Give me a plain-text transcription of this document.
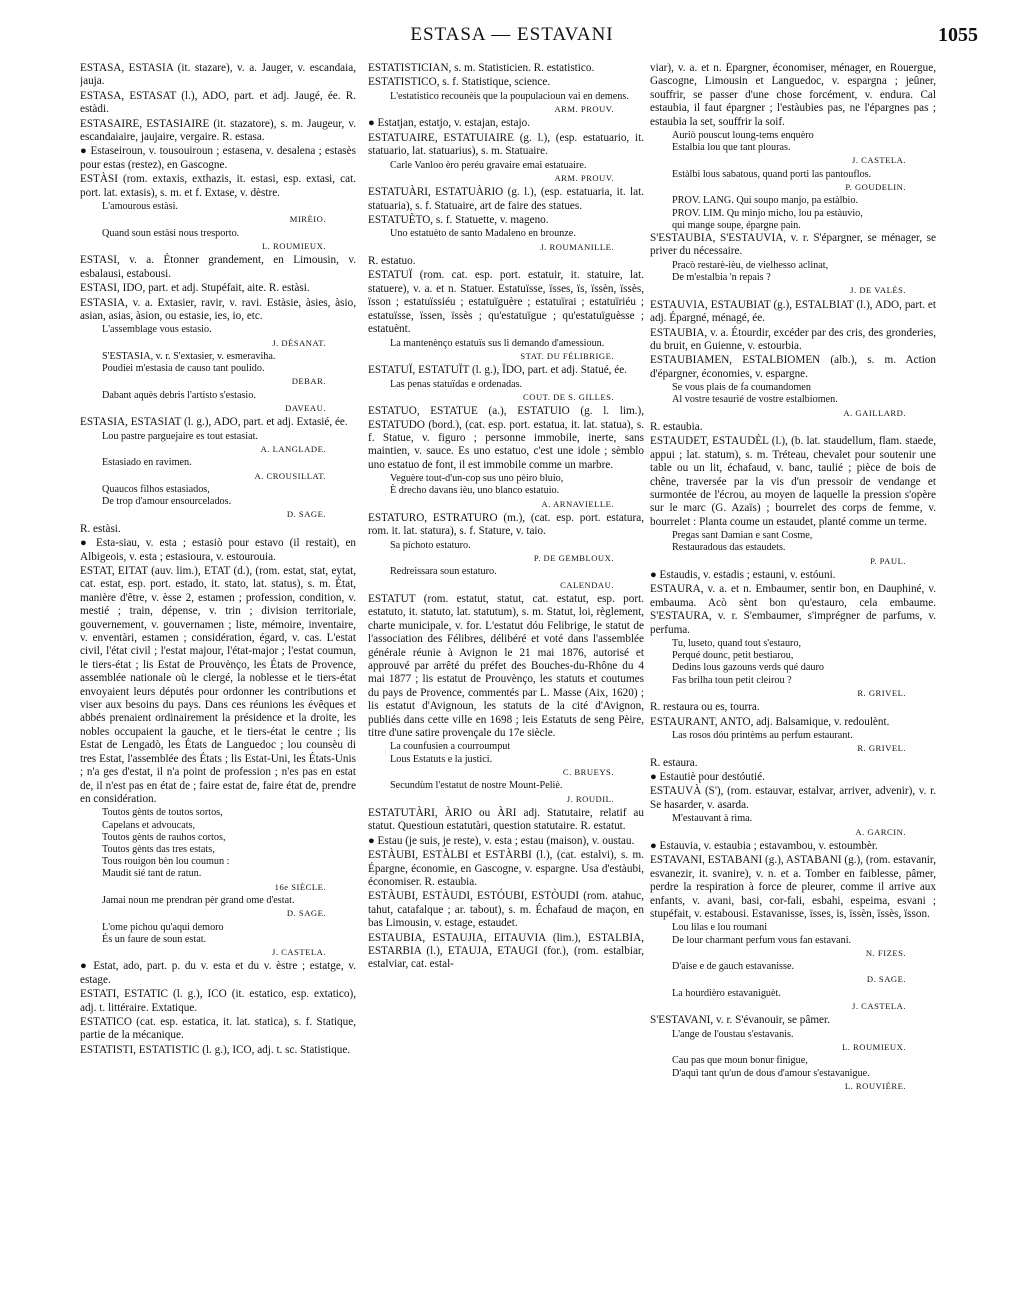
ESTASA — ESTAVANI	1055
ESTASA, ESTASIA (it. stazare), v. a. Jauger, v. escandaia, jauja.
ESTASA, ESTASAT (l.), ADO, part. et adj. Jaugé, ée. R. estàdi.
ESTASAIRE, ESTASIAIRE (it. stazatore), s. m. Jaugeur, v. escandaiaire, jaujaire, vergaire. R. estasa.
● Estaseiroun, v. tousouiroun ; estasena, v. desalena ; estasès pour estas (restez), en Gascogne.
ESTÀSI (rom. extaxis, exthazis, it. estasi, esp. extasi, cat. port. lat. extasis), s. m. et f. Extase, v. dèstre.
L'amourous estàsi.
MIRÈIO.
Quand soun estàsi nous tresporto.
L. ROUMIEUX.
ESTASI, v. a. Étonner grandement, en Limousin, v. esbalausi, estabousi.
ESTASI, IDO, part. et adj. Stupéfait, aite. R. estàsi.
ESTASIA, v. a. Extasier, ravir, v. ravi. Estàsie, àsies, àsio, asian, asias, àsion, ou estasie, ies, io, etc.
L'assemblage vous estasio.
J. DÉSANAT.
S'ESTASIA, v. r. S'extasier, v. esmeraviha.
Poudiei m'estasia de causo tant poulido.
DEBAR.
Dabant aquès debris l'artisto s'estasio.
DAVEAU.
ESTASIA, ESTASIAT (l. g.), ADO, part. et adj. Extasié, ée.
Lou pastre parguejaire es tout estasiat.
A. LANGLADE.
Estasiado en ravimen.
A. CROUSILLAT.
Quaucos filhos estasiados,
De trop d'amour ensourcelados.
D. SAGE.
R. estàsi.
● Esta-siau, v. esta ; estasiò pour estavo (il restait), en Albigeois, v. esta ; estasioura, v. estourouia.
ESTAT, EITAT (auv. lim.), ETAT (d.), (rom. estat, stat, eytat, cat. estat, esp. port. estado, it. stato, lat. status), s. m. État, manière d'être, v. èsse 2, estamen ; profession, condition, v. mestié ; train, dépense, v. trin ; division territoriale, gouvernement, v. gouvernamen ; liste, mémoire, inventaire, v. enventàri, estamen ; considération, égard, v. cas. L'estat civil, l'état civil ; l'estat majour, l'état-major ; l'estat coumun, le tiers-état ; lis Estat de Prouvènço, les États de Provence, assemblée nationale où le clergé, la noblesse et le tiers-état envoyaient leurs députés pour ordonner les contributions et viser aux besoins du pays. Dans ces réunions les évêques et abbés prenaient ordinairement la présidence et la droite, les nobles occupaient la gauche, et le tiers-état le centre ; lis Estat de Lengadò, les États de Languedoc ; lou counsèu di tres Estat, l'assemblée des États ; lis Estat-Uni, les États-Unis ; n'a ges d'estat, il n'a point de profession ; n'es pas en estat de, il n'est pas en état de ; faire estat de, faire état de, prendre en considération.
Toutos gènts de toutos sortos,
Capelans et advoucats,
Toutos gènts de rauhos cortos,
Toutos gènts das tres estats,
Tous rouigon bèn lou coumun :
Maudit sié tant de ratun.
16e SIÈCLE.
Jamai noun me prendran pèr grand ome d'estat.
D. SAGE.
L'ome pichou qu'aqui demoro
És un faure de soun estat.
J. CASTELA.
● Estat, ado, part. p. du v. esta et du v. èstre ; estatge, v. estage.
ESTATI, ESTATIC (l. g.), ICO (it. estatico, esp. extatico), adj. t. littéraire. Extatique.
ESTATICO (cat. esp. estatica, it. lat. statica), s. f. Statique, partie de la mécanique.
ESTATISTI, ESTATISTIC (l. g.), ICO, adj. t. sc. Statistique.
ESTATISTICIAN, s. m. Statisticien. R. estatistico.
ESTATISTICO, s. f. Statistique, science.
L'estatistico recounèis que la poupulacioun vai en demens.
ARM. PROUV.
● Estatjan, estatjo, v. estajan, estajo.
ESTATUAIRE, ESTATUIAIRE (g. l.), (esp. estatuario, it. statuario, lat. statuarius), s. m. Statuaire.
Carle Vanloo èro peréu gravaire emai estatuaire.
ARM. PROUV.
ESTATUÀRI, ESTATUÀRIO (g. l.), (esp. estatuaria, it. lat. statuaria), s. f. Statuaire, art de faire des statues.
ESTATUÈTO, s. f. Statuette, v. mageno.
Uno estatuèto de santo Madaleno en brounze.
J. ROUMANILLE.
R. estatuo.
ESTATUÏ (rom. cat. esp. port. estatuir, it. statuire, lat. statuere), v. a. et n. Statuer. Estatuïsse, ïsses, ïs, ïssèn, ïssès, ïsson ; estatuïssiéu ; estatuïguère ; estatuïrai ; estatuïriéu ; estatuïsse, ïssen, ïssès ; qu'estatuïgue ; qu'estatuïguèsse ; estatuènt.
La mantenènço estatuïs sus li demando d'amessioun.
STAT. DU FÉLIBRIGE.
ESTATUÏ, ESTATUÏT (l. g.), ÏDO, part. et adj. Statué, ée.
Las penas statuïdas e ordenadas.
COUT. DE S. GILLES.
ESTATUO, ESTATUE (a.), ESTATUIO (g. l. lim.), ESTATUDO (bord.), (cat. esp. port. estatua, it. lat. statua), s. f. Statue, v. figuro ; personne immobile, inerte, sans maintien, v. sauce. Es uno estatuo, c'est une idole ; sèmblo uno estatuo de font, il est immobile comme un marbre.
Veguère tout-d'un-cop sus uno pèiro bluio,
È drecho davans ièu, uno blanco estatuio.
A. ARNAVIELLE.
ESTATURO, ESTRATURO (m.), (cat. esp. port. estatura, rom. it. lat. statura), s. f. Stature, v. taio.
Sa pichoto estaturo.
P. DE GEMBLOUX.
Redreissara soun estaturo.
CALENDAU.
ESTATUT (rom. estatut, statut, cat. estatut, esp. port. estatuto, it. statuto, lat. statutum), s. m. Statut, loi, règlement, charte municipale, v. for. L'estatut dóu Felibrige, le statut de l'association des Félibres, délibéré et voté dans l'assemblée générale réunie à Avignon le 21 mai 1876, autorisé et approuvé par arrêté du préfet des Bouches-du-Rhône du 4 mai 1877 ; lis estatut de Prouvènço, les statuts et coutumes du pays de Provence, commentés par L. Masse (Aix, 1620) ; lis estatut d'Avignoun, les statuts de la cité d'Avignon, publiés dans cette ville en 1698 ; leis Estatuts de seng Pèire, titre d'une satire provençale du 17e siècle.
La counfusien a courroumput
Lous Estatuts e la justici.
C. BRUEYS.
Secundùm l'estatut de nostre Mount-Peliè.
J. ROUDIL.
ESTATUTÀRI, ÀRIO ou ÀRI adj. Statutaire, relatif au statut. Questioun estatutàri, question statutaire. R. estatut.
● Estau (je suis, je reste), v. esta ; estau (maison), v. oustau.
ESTÀUBI, ESTÀLBI et ESTÀRBI (l.), (cat. estalvi), s. m. Épargne, économie, en Gascogne, v. espargne. Usa d'estàubi, économiser. R. estaubia.
ESTÀUBI, ESTÀUDI, ESTÓUBI, ESTÒUDI (rom. atahuc, tahut, catafalque ; ar. tabout), s. m. Échafaud de maçon, en bas Limousin, v. estage, estaudet.
ESTAUBIA, ESTAUJIA, EITAUVIA (lim.), ESTALBIA, ESTARBIA (l.), ETAUJA, ETAUGI (for.), (rom. estalbiar, estalviar, cat. estal-
viar), v. a. et n. Épargner, économiser, ménager, en Rouergue, Gascogne, Limousin et Languedoc, v. espargna ; jeûner, souffrir, se passer d'une chose forcément, v. endura. Cal estaubia, il faut épargner ; l'estàubies pas, ne l'épargnes pas ; estaubia la set, souffrir la soif.
Auriò pouscut loung-tems enquèro
Estalbia lou que tant plouras.
J. CASTELA.
Estàlbi lous sabatous, quand porti las pantouflos.
P. GOUDELIN.
PROV. LANG. Qui soupo manjo, pa estàlbio.
PROV. LIM. Qu minjo micho, lou pa estàuvio,
qui mange soupe, épargne pain.
S'ESTAUBIA, S'ESTAUVIA, v. r. S'épargner, se ménager, se priver du nécessaire.
Pracò restarè-ièu, de vielhesso aclinat,
De m'estalbia 'n repais ?
J. DE VALÈS.
ESTAUVIA, ESTAUBIAT (g.), ESTALBIAT (l.), ADO, part. et adj. Épargné, ménagé, ée.
ESTAUBIA, v. a. Étourdir, excéder par des cris, des gronderies, du bruit, en Guienne, v. estourbia.
ESTAUBIAMEN, ESTALBIOMEN (alb.), s. m. Action d'épargner, économies, v. espargne.
Se vous plais de fa coumandomen
Al vostre tesaurié de vostre estalbiomen.
A. GAILLARD.
R. estaubia.
ESTAUDET, ESTAUDÈL (l.), (b. lat. staudellum, flam. staede, appui ; lat. statum), s. m. Tréteau, chevalet pour soutenir une table ou un lit, échafaud, v. banc, taulié ; pièce de bois de chêne, traversée par la vis d'un pressoir de vendange et surmontée de l'écrou, au moyen de laquelle la pression s'opère sur le marc (G. Azaïs) ; bourrelet des corps de femme, v. bourrelet : Planta coume un estaudet, planté comme un terme.
Pregas sant Damian e sant Cosme,
Restauradous das estaudets.
P. PAUL.
● Estaudis, v. estadis ; estauni, v. estóuni.
ESTAURA, v. a. et n. Embaumer, sentir bon, en Dauphiné, v. embauma. Acò sènt bon qu'estauro, cela embaume. S'ESTAURA, v. r. S'embaumer, s'imprégner de parfums, v. perfuma.
Tu, luseto, quand tout s'estauro,
Perqué dounc, petit bestiarou,
Dedins lous gazouns verds qué dauro
Fas brilha toun petit cleirou ?
R. GRIVEL.
R. restaura ou es, tourra.
ESTAURANT, ANTO, adj. Balsamique, v. redoulènt.
Las rosos dóu printèms au perfum estaurant.
R. GRIVEL.
R. estaura.
● Estautiè pour destóutié.
ESTAUVÀ (S'), (rom. estauvar, estalvar, arriver, advenir), v. r. Se hasarder, v. asarda.
M'estauvant à rima.
A. GARCIN.
● Estauvia, v. estaubia ; estavambou, v. estoumbèr.
ESTAVANI, ESTABANI (g.), ASTABANI (g.), (rom. estavanir, esvanezir, it. svanire), v. n. et a. Tomber en faiblesse, pâmer, perdre la respiration à force de pleurer, comme il arrive aux enfants, v. avani, basi, cor-fali, esbahi, espeima, esvani ; stupéfait, v. estabousi. Estavanisse, ïsses, is, ïssèn, ïssès, ïsson.
Lou lilas e lou roumani
De lour charmant perfum vous fan estavani.
N. FIZES.
D'aise e de gauch estavanisse.
D. SAGE.
La hourdièro estavaniguèt.
J. CASTELA.
S'ESTAVANI, v. r. S'évanouir, se pâmer.
L'ange de l'oustau s'estavanis.
L. ROUMIEUX.
Cau pas que moun bonur finigue,
D'aquì tant qu'un de dous d'amour s'estavanigue.
L. ROUVIÈRE.
